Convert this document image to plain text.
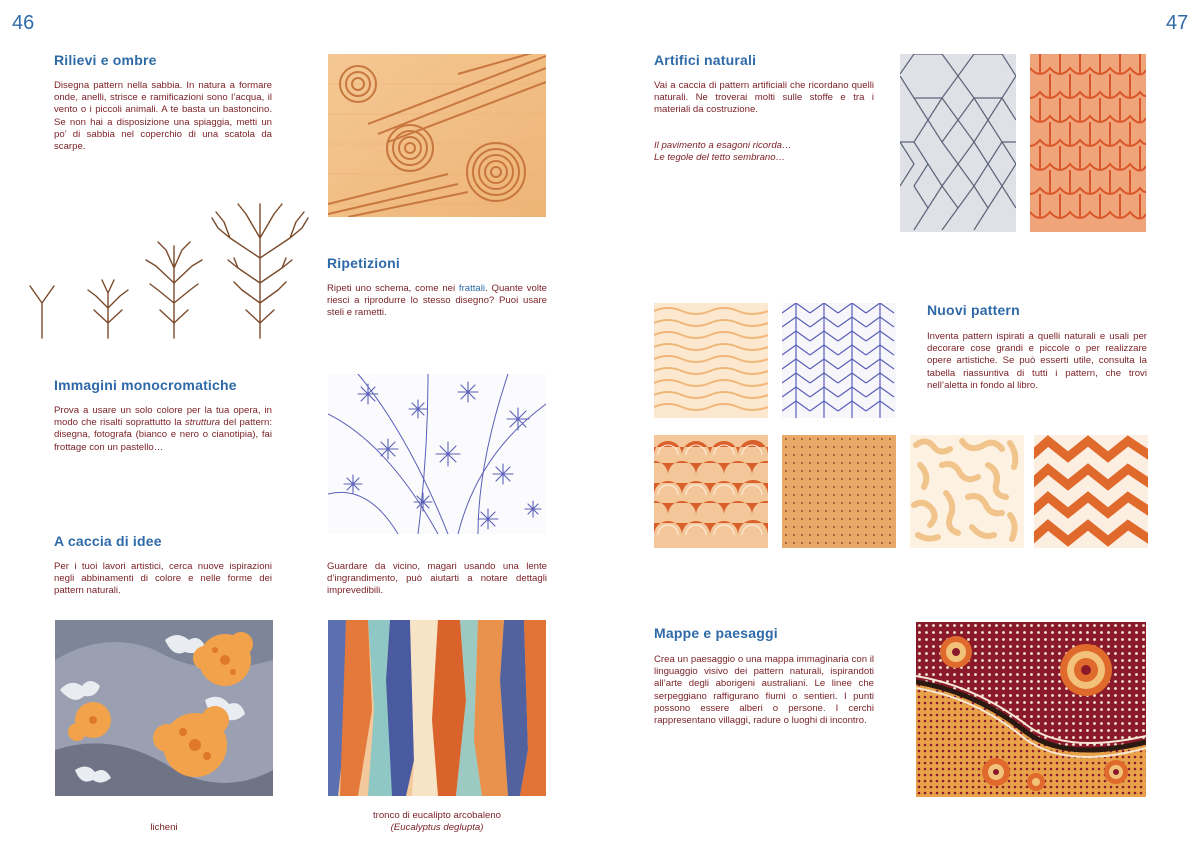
46	47
Rilievi e ombre

Disegna pattern nella sabbia. In natura a formare onde, anelli, strisce e ramificazioni sono l’acqua, il vento o i piccoli animali. A te basta un bastoncino. Se non hai a disposizione una spiaggia, metti un po’ di sabbia nel coperchio di una scatola da scarpe.

Ripetizioni

Ripeti uno schema, come nei frattali. Quante volte riesci a riprodurre lo stesso disegno? Puoi usare steli e rametti.

Immagini monocromatiche

Prova a usare un solo colore per la tua opera, in modo che risalti soprattutto la struttura del pattern: disegna, fotografa (bianco e nero o cianotipia), fai frottage con un pastello…

A caccia di idee

Per i tuoi lavori artistici, cerca nuove ispirazioni negli abbinamenti di colore e nelle forme dei pattern naturali.

Guardare da vicino, magari usando una lente d’ingrandimento, può aiutarti a notare dettagli imprevedibili.

licheni
tronco di eucalipto arcobaleno
(Eucalyptus deglupta)
Artifici naturali

Vai a caccia di pattern artificiali che ricordano quelli naturali. Ne troverai molti sulle stoffe e tra i materiali da costruzione.

Il pavimento a esagoni ricorda…
Le tegole del tetto sembrano…

Nuovi pattern

Inventa pattern ispirati a quelli naturali e usali per decorare cose grandi e piccole o per realizzare opere artistiche. Se può esserti utile, consulta la tabella riassuntiva di tutti i pattern, che trovi nell’aletta in fondo al libro.

Mappe e paesaggi

Crea un paesaggio o una mappa immaginaria con il linguaggio visivo dei pattern naturali, ispirandoti all’arte degli aborigeni australiani. Le linee che serpeggiano raffigurano fiumi o sentieri. I punti possono essere alberi o persone. I cerchi rappresentano villaggi, radure o luoghi di incontro.
